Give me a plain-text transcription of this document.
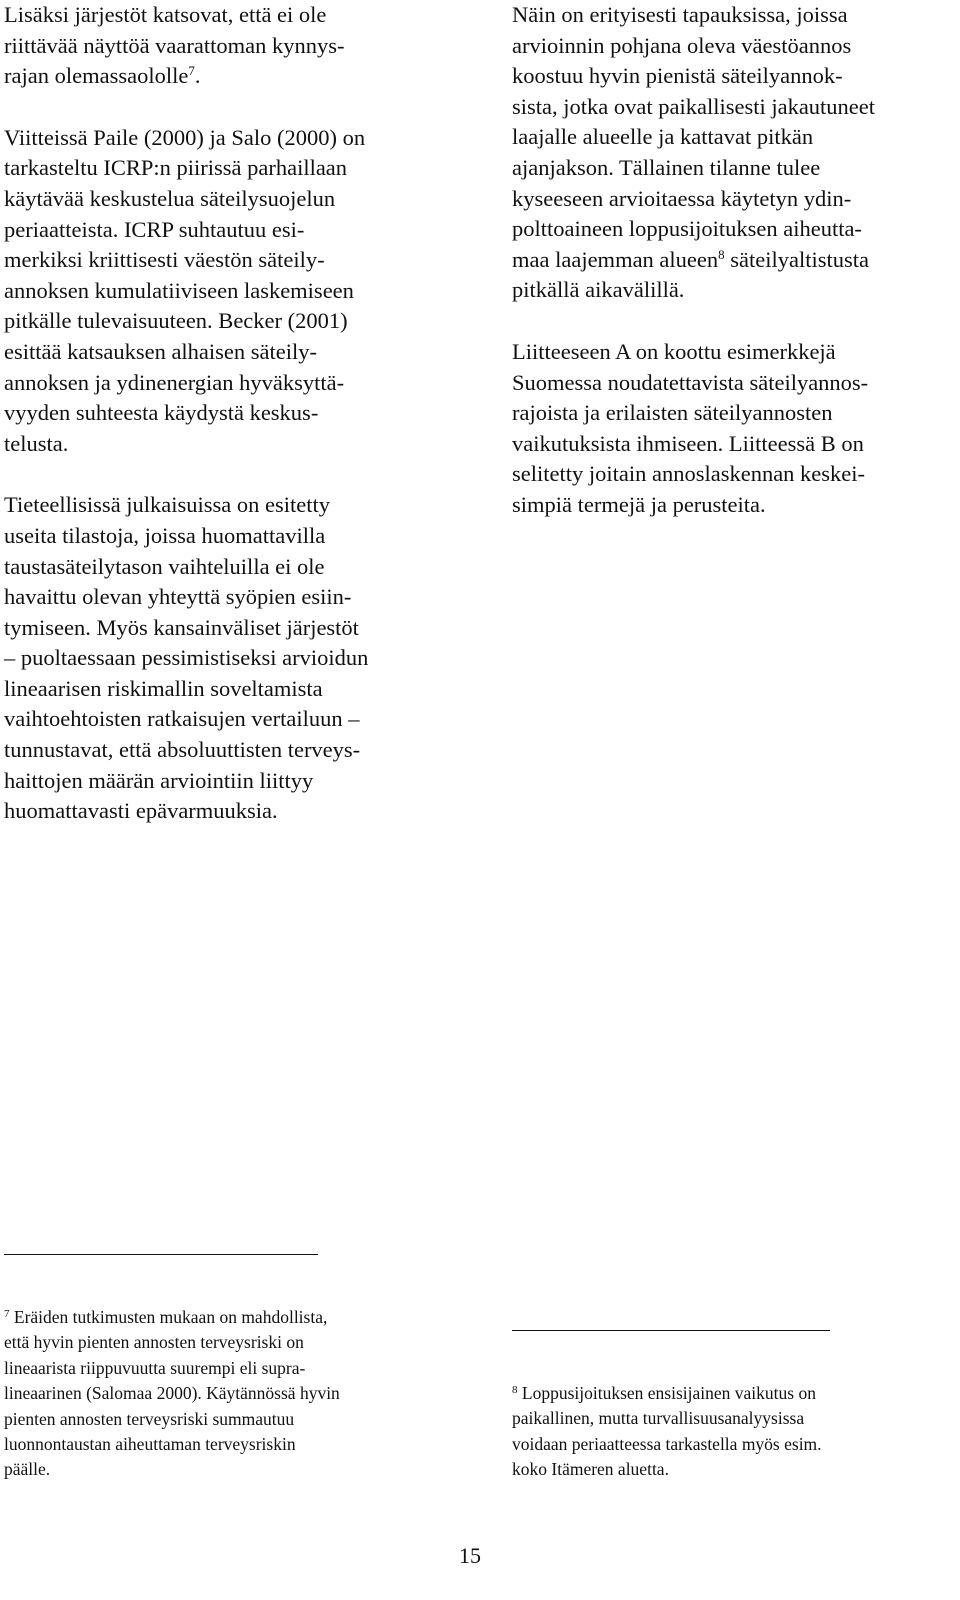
Lisäksi järjestöt katsovat, että ei ole
riittävää näyttöä vaarattoman kynnys-
rajan olemassaololle$^7$.

Viitteissä Paile (2000) ja Salo (2000) on
tarkasteltu ICRP:n piirissä parhaillaan
käytävää keskustelua säteilysuojelun
periaatteista. ICRP suhtautuu esi-
merkiksi kriittisesti väestön säteily-
annoksen kumulatiiviseen laskemiseen
pitkälle tulevaisuuteen. Becker (2001)
esittää katsauksen alhaisen säteily-
annoksen ja ydinenergian hyväksyttä-
vyyden suhteesta käydystä keskus-
telusta.

Tieteellisissä julkaisuissa on esitetty
useita tilastoja, joissa huomattavilla
taustasäteilytason vaihteluilla ei ole
havaittu olevan yhteyttä syöpien esiin-
tymiseen. Myös kansainväliset järjestöt
– puoltaessaan pessimistiseksi arvioidun
lineaarisen riskimallin soveltamista
vaihtoehtoisten ratkaisujen vertailuun –
tunnustavat, että absoluuttisten terveys-
haittojen määrän arviointiin liittyy
huomattavasti epävarmuuksia.

Näin on erityisesti tapauksissa, joissa
arvioinnin pohjana oleva väestöannos
koostuu hyvin pienistä säteilyannok-
sista, jotka ovat paikallisesti jakautuneet
laajalle alueelle ja kattavat pitkän
ajanjakson. Tällainen tilanne tulee
kyseeseen arvioitaessa käytetyn ydin-
polttoaineen loppusijoituksen aiheutta-
maa laajemman alueen$^8$ säteilyaltistusta
pitkällä aikavälillä.

Liitteeseen A on koottu esimerkkejä
Suomessa noudatettavista säteilyannos-
rajoista ja erilaisten säteilyannosten
vaikutuksista ihmiseen. Liitteessä B on
selitetty joitain annoslaskennan keskei-
simpiä termejä ja perusteita.

$^7$ Eräiden tutkimusten mukaan on mahdollista,
että hyvin pienten annosten terveysriski on
lineaarista riippuvuutta suurempi eli supra-
lineaarinen (Salomaa 2000). Käytännössä hyvin
pienten annosten terveysriski summautuu
luonnontaustan aiheuttaman terveysriskin
päälle.

$^8$ Loppusijoituksen ensisijainen vaikutus on
paikallinen, mutta turvallisuusanalyysissa
voidaan periaatteessa tarkastella myös esim.
koko Itämeren aluetta.

15
